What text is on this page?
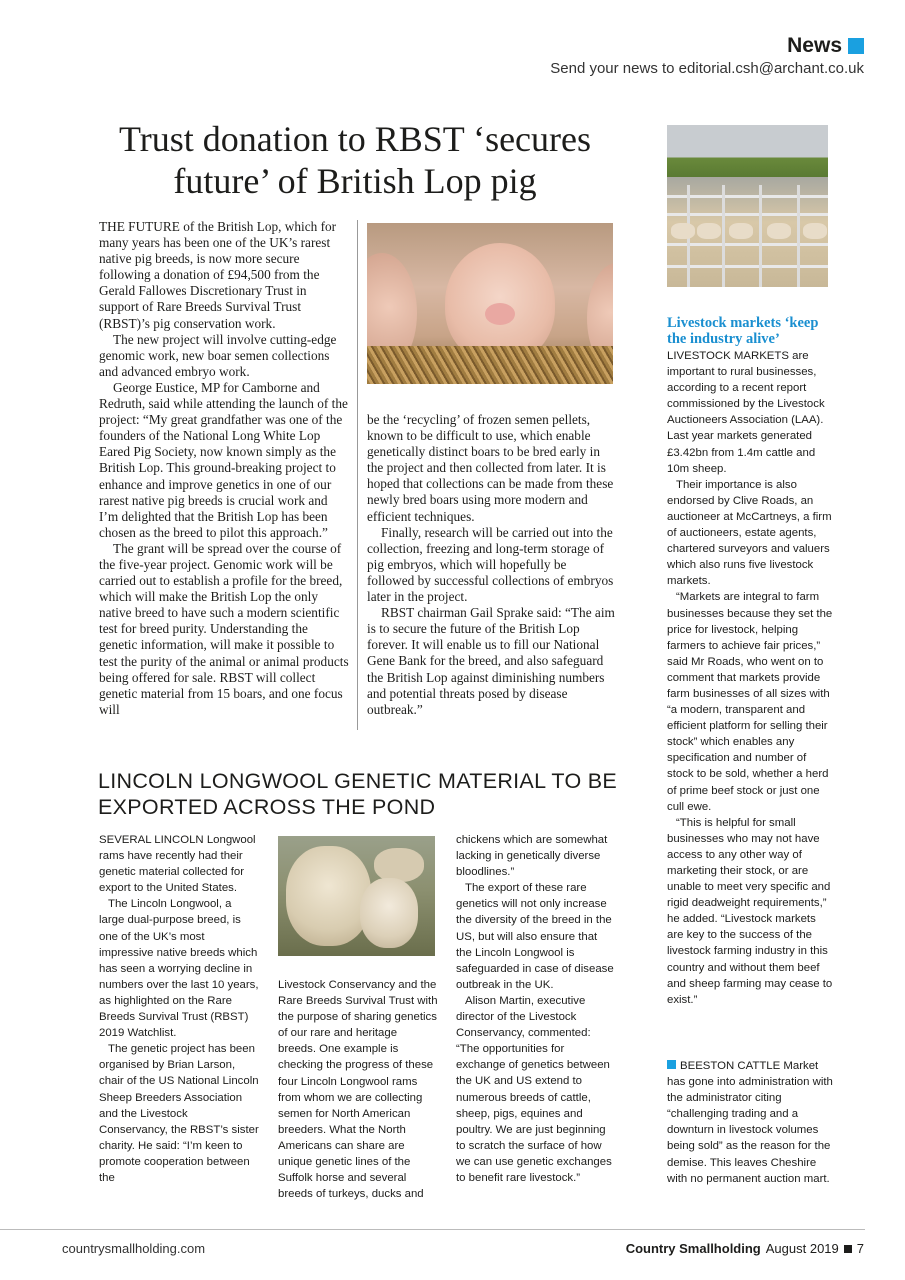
News
Send your news to editorial.csh@archant.co.uk
Trust donation to RBST ‘secures future’ of British Lop pig

THE FUTURE of the British Lop, which for many years has been one of the UK’s rarest native pig breeds, is now more secure following a donation of £94,500 from the Gerald Fallowes Discretionary Trust in support of Rare Breeds Survival Trust (RBST)’s pig conservation work.

The new project will involve cutting-edge genomic work, new boar semen collections and advanced embryo work.

George Eustice, MP for Camborne and Redruth, said while attending the launch of the project: “My great grandfather was one of the founders of the National Long White Lop Eared Pig Society, now known simply as the British Lop. This ground-breaking project to enhance and improve genetics in one of our rarest native pig breeds is crucial work and I’m delighted that the British Lop has been chosen as the breed to pilot this approach.”

The grant will be spread over the course of the five-year project. Genomic work will be carried out to establish a profile for the breed, which will make the British Lop the only native breed to have such a modern scientific test for breed purity. Understanding the genetic information, will make it possible to test the purity of the animal or animal products being offered for sale. RBST will collect genetic material from 15 boars, and one focus will

be the ‘recycling’ of frozen semen pellets, known to be difficult to use, which enable genetically distinct boars to be bred early in the project and then collected from later. It is hoped that collections can be made from these newly bred boars using more modern and efficient techniques.

Finally, research will be carried out into the collection, freezing and long-term storage of pig embryos, which will hopefully be followed by successful collections of embryos later in the project.

RBST chairman Gail Sprake said: “The aim is to secure the future of the British Lop forever. It will enable us to fill our National Gene Bank for the breed, and also safeguard the British Lop against diminishing numbers and potential threats posed by disease outbreak.”

Livestock markets ‘keep the industry alive’

LIVESTOCK MARKETS are important to rural businesses, according to a recent report commissioned by the Livestock Auctioneers Association (LAA). Last year markets generated £3.42bn from 1.4m cattle and 10m sheep.

Their importance is also endorsed by Clive Roads, an auctioneer at McCartneys, a firm of auctioneers, estate agents, chartered surveyors and valuers which also runs five livestock markets.

“Markets are integral to farm businesses because they set the price for livestock, helping farmers to achieve fair prices,” said Mr Roads, who went on to comment that markets provide farm businesses of all sizes with “a modern, transparent and efficient platform for selling their stock” which enables any specification and number of stock to be sold, whether a herd of prime beef stock or just one cull ewe.

“This is helpful for small businesses who may not have access to any other way of marketing their stock, or are unable to meet very specific and rigid deadweight requirements,” he added. “Livestock markets are key to the success of the livestock farming industry in this country and without them beef and sheep farming may cease to exist.”

BEESTON CATTLE Market has gone into administration with the administrator citing “challenging trading and a downturn in livestock volumes being sold” as the reason for the demise. This leaves Cheshire with no permanent auction mart.
LINCOLN LONGWOOL GENETIC MATERIAL TO BE EXPORTED ACROSS THE POND

SEVERAL LINCOLN Longwool rams have recently had their genetic material collected for export to the United States.

The Lincoln Longwool, a large dual-purpose breed, is one of the UK’s most impressive native breeds which has seen a worrying decline in numbers over the last 10 years, as highlighted on the Rare Breeds Survival Trust (RBST) 2019 Watchlist.

The genetic project has been organised by Brian Larson, chair of the US National Lincoln Sheep Breeders Association and the Livestock Conservancy, the RBST’s sister charity. He said: “I’m keen to promote cooperation between the

Livestock Conservancy and the Rare Breeds Survival Trust with the purpose of sharing genetics of our rare and heritage breeds. One example is checking the progress of these four Lincoln Longwool rams from whom we are collecting semen for North American breeders. What the North Americans can share are unique genetic lines of the Suffolk horse and several breeds of turkeys, ducks and

chickens which are somewhat lacking in genetically diverse bloodlines.”

The export of these rare genetics will not only increase the diversity of the breed in the US, but will also ensure that the Lincoln Longwool is safeguarded in case of disease outbreak in the UK.

Alison Martin, executive director of the Livestock Conservancy, commented: “The opportunities for exchange of genetics between the UK and US extend to numerous breeds of cattle, sheep, pigs, equines and poultry. We are just beginning to scratch the surface of how we can use genetic exchanges to benefit rare livestock.”

countrysmallholding.com	Country Smallholding August 2019 7
